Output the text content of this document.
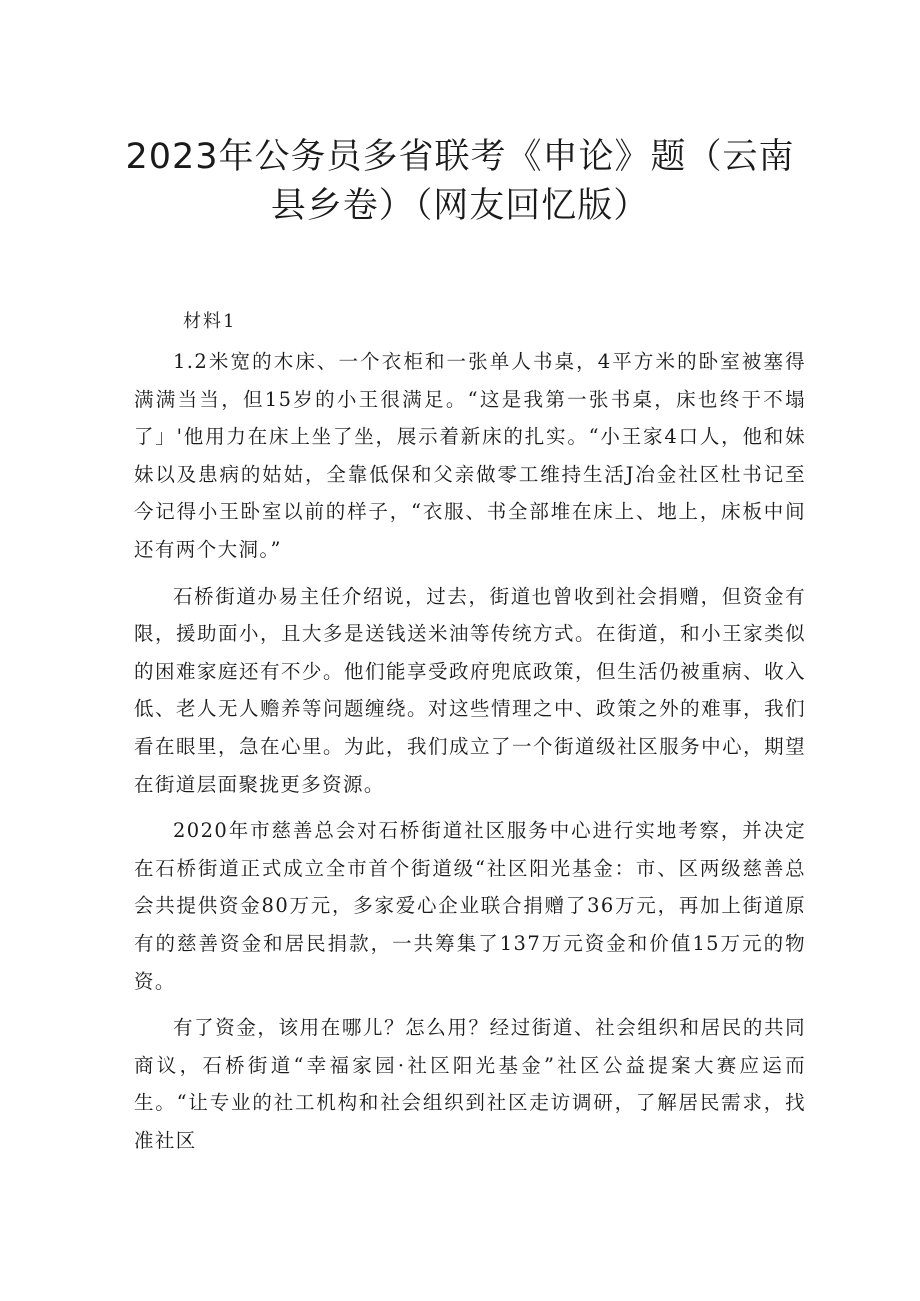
2023年公务员多省联考《申论》题（云南
县乡卷）（网友回忆版）

材料1

1.2米宽的木床、一个衣柜和一张单人书桌，4平方米的卧室被塞得满满当当，但15岁的小王很满足。“这是我第一张书桌，床也终于不塌了」'他用力在床上坐了坐，展示着新床的扎实。“小王家4口人，他和妹妹以及患病的姑姑，全靠低保和父亲做零工维持生活J冶金社区杜书记至今记得小王卧室以前的样子，“衣服、书全部堆在床上、地上，床板中间还有两个大洞。”

石桥街道办易主任介绍说，过去，街道也曾收到社会捐赠，但资金有限，援助面小，且大多是送钱送米油等传统方式。在街道，和小王家类似的困难家庭还有不少。他们能享受政府兜底政策，但生活仍被重病、收入低、老人无人赡养等问题缠绕。对这些情理之中、政策之外的难事，我们看在眼里，急在心里。为此，我们成立了一个街道级社区服务中心，期望在街道层面聚拢更多资源。

2020年市慈善总会对石桥街道社区服务中心进行实地考察，并决定在石桥街道正式成立全市首个街道级“社区阳光基金：市、区两级慈善总会共提供资金80万元，多家爱心企业联合捐赠了36万元，再加上街道原有的慈善资金和居民捐款，一共筹集了137万元资金和价值15万元的物资。

有了资金，该用在哪儿？怎么用？经过街道、社会组织和居民的共同商议，石桥街道“幸福家园·社区阳光基金”社区公益提案大赛应运而生。“让专业的社工机构和社会组织到社区走访调研，了解居民需求，找准社区
